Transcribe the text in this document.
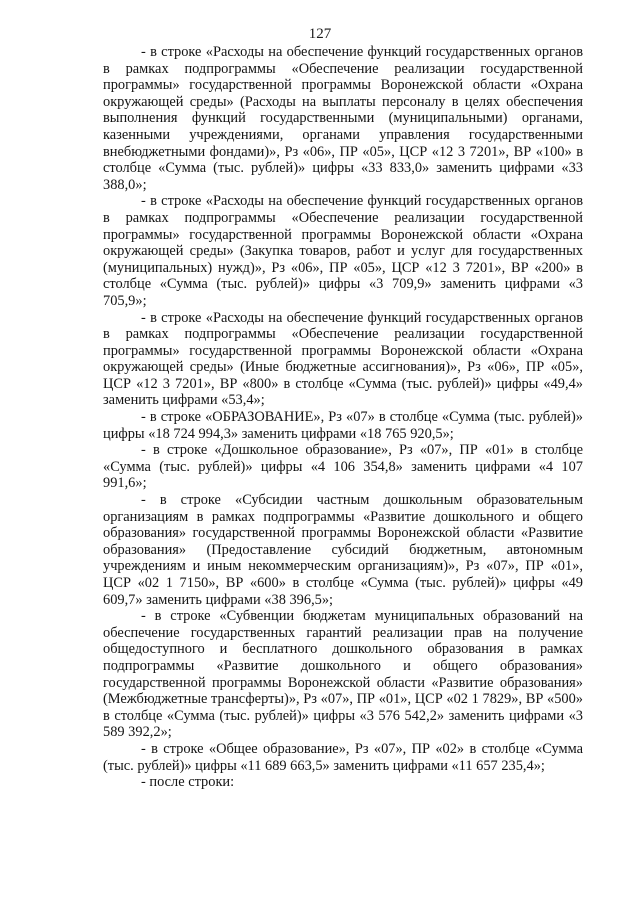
127

- в строке «Расходы на обеспечение функций государственных органов в рамках подпрограммы «Обеспечение реализации государственной программы» государственной программы Воронежской области «Охрана окружающей среды» (Расходы на выплаты персоналу в целях обеспечения выполнения функций государственными (муниципальными) органами, казенными учреждениями, органами управления государственными внебюджетными фондами)», Рз «06», ПР «05», ЦСР «12 3 7201», ВР «100» в столбце «Сумма (тыс. рублей)» цифры «33 833,0» заменить цифрами «33 388,0»;

- в строке «Расходы на обеспечение функций государственных органов в рамках подпрограммы «Обеспечение реализации государственной программы» государственной программы Воронежской области «Охрана окружающей среды» (Закупка товаров, работ и услуг для государственных (муниципальных) нужд)», Рз «06», ПР «05», ЦСР «12 3 7201», ВР «200» в столбце «Сумма (тыс. рублей)» цифры «3 709,9» заменить цифрами «3 705,9»;

- в строке «Расходы на обеспечение функций государственных органов в рамках подпрограммы «Обеспечение реализации государственной программы» государственной программы Воронежской области «Охрана окружающей среды» (Иные бюджетные ассигнования)», Рз «06», ПР «05», ЦСР «12 3 7201», ВР «800» в столбце «Сумма (тыс. рублей)» цифры «49,4» заменить цифрами «53,4»;

- в строке «ОБРАЗОВАНИЕ», Рз «07» в столбце «Сумма (тыс. рублей)» цифры «18 724 994,3» заменить цифрами «18 765 920,5»;

- в строке «Дошкольное образование», Рз «07», ПР «01» в столбце «Сумма (тыс. рублей)» цифры «4 106 354,8» заменить цифрами «4 107 991,6»;

- в строке «Субсидии частным дошкольным образовательным организациям в рамках подпрограммы «Развитие дошкольного и общего образования» государственной программы Воронежской области «Развитие образования» (Предоставление субсидий бюджетным, автономным учреждениям и иным некоммерческим организациям)», Рз «07», ПР «01», ЦСР «02 1 7150», ВР «600» в столбце «Сумма (тыс. рублей)» цифры «49 609,7» заменить цифрами «38 396,5»;

- в строке «Субвенции бюджетам муниципальных образований на обеспечение государственных гарантий реализации прав на получение общедоступного и бесплатного дошкольного образования в рамках подпрограммы «Развитие дошкольного и общего образования» государственной программы Воронежской области «Развитие образования» (Межбюджетные трансферты)», Рз «07», ПР «01», ЦСР «02 1 7829», ВР «500» в столбце «Сумма (тыс. рублей)» цифры «3 576 542,2» заменить цифрами «3 589 392,2»;

- в строке «Общее образование», Рз «07», ПР «02» в столбце «Сумма (тыс. рублей)» цифры «11 689 663,5» заменить цифрами «11 657 235,4»;

- после строки:
